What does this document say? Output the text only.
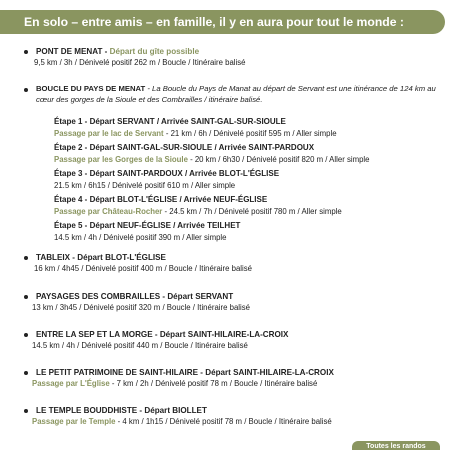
En solo – entre amis – en famille, il y en aura pour tout le monde :
PONT DE MENAT - Départ du gîte possible
9,5 km / 3h / Dénivelé positif 262 m / Boucle / Itinéraire balisé
BOUCLE DU PAYS DE MENAT - La Boucle du Pays de Manat au départ de Servant est une itinérance de 124 km au cœur des gorges de la Sioule et des Combrailles / itinéraire balisé.
Étape 1 - Départ SERVANT / Arrivée SAINT-GAL-SUR-SIOULE
Passage par le lac de Servant - 21 km / 6h / Dénivelé positif 595 m / Aller simple
Étape 2 - Départ SAINT-GAL-SUR-SIOULE / Arrivée SAINT-PARDOUX
Passage par les Gorges de la Sioule - 20 km / 6h30 / Dénivelé positif 820 m / Aller simple
Étape 3 - Départ SAINT-PARDOUX / Arrivée BLOT-L'ÉGLISE
21.5 km / 6h15 / Dénivelé positif 610 m / Aller simple
Étape 4 - Départ BLOT-L'ÉGLISE / Arrivée NEUF-ÉGLISE
Passage par Château-Rocher - 24.5 km / 7h / Dénivelé positif 780 m / Aller simple
Étape 5 - Départ NEUF-ÉGLISE / Arrivée TEILHET
14.5 km / 4h / Dénivelé positif 390 m / Aller simple
TABLEIX - Départ BLOT-L'ÉGLISE
16 km / 4h45 / Dénivelé positif 400 m / Boucle / Itinéraire balisé
PAYSAGES DES COMBRAILLES - Départ SERVANT
13 km / 3h45 / Dénivelé positif 320 m / Boucle / Itinéraire balisé
ENTRE LA SEP ET LA MORGE - Départ SAINT-HILAIRE-LA-CROIX
14.5 km / 4h / Dénivelé positif 440 m / Boucle / Itinéraire balisé
LE PETIT PATRIMOINE DE SAINT-HILAIRE - Départ SAINT-HILAIRE-LA-CROIX
Passage par L'Église - 7 km / 2h / Dénivelé positif 78 m / Boucle / Itinéraire balisé
LE TEMPLE BOUDDHISTE - Départ BIOLLET
Passage par le Temple - 4 km / 1h15 / Dénivelé positif 78 m / Boucle / Itinéraire balisé
Toutes les randos
